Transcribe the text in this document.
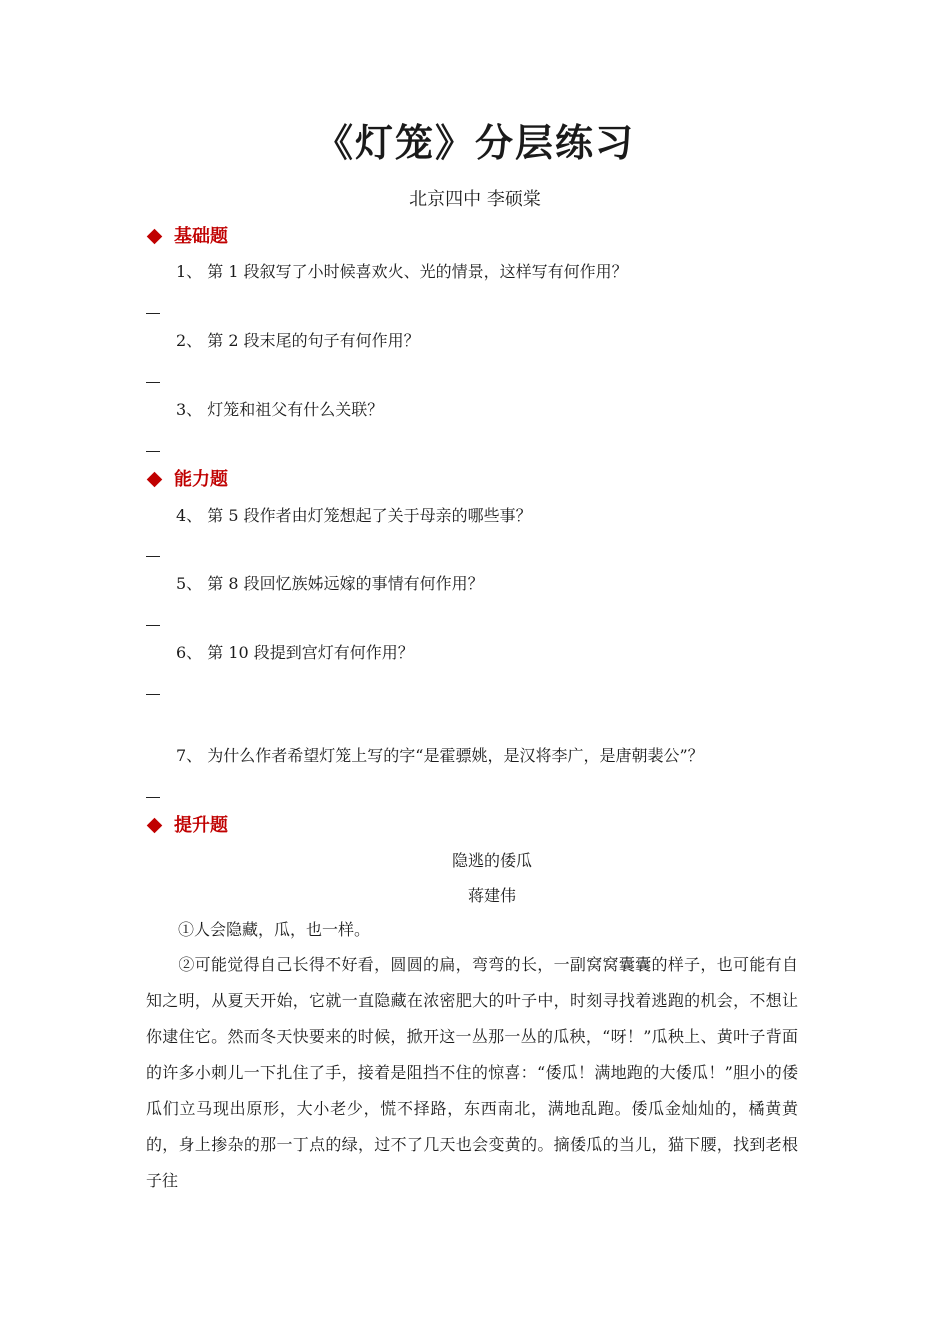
《灯笼》分层练习
北京四中 李硕棠
基础题
1、 第 1 段叙写了小时候喜欢火、光的情景，这样写有何作用？
2、 第 2 段末尾的句子有何作用？
3、 灯笼和祖父有什么关联？
能力题
4、 第 5 段作者由灯笼想起了关于母亲的哪些事？
5、 第 8 段回忆族姊远嫁的事情有何作用？
6、 第 10 段提到宫灯有何作用？
7、 为什么作者希望灯笼上写的字“是霍骠姚，是汉将李广，是唐朝裴公”？
提升题
隐逃的倭瓜
蒋建伟
①人会隐藏，瓜，也一样。
②可能觉得自己长得不好看，圆圆的扁，弯弯的长，一副窝窝囊囊的样子，也可能有自知之明，从夏天开始，它就一直隐藏在浓密肥大的叶子中，时刻寻找着逃跑的机会，不想让你逮住它。然而冬天快要来的时候，掀开这一丛那一丛的瓜秧，“呀！”瓜秧上、黄叶子背面的许多小刺儿一下扎住了手，接着是阻挡不住的惊喜：“倭瓜！满地跑的大倭瓜！”胆小的倭瓜们立马现出原形，大小老少，慌不择路，东西南北，满地乱跑。倭瓜金灿灿的，橘黄黄的，身上掺杂的那一丁点的绿，过不了几天也会变黄的。摘倭瓜的当儿，猫下腰，找到老根子往
